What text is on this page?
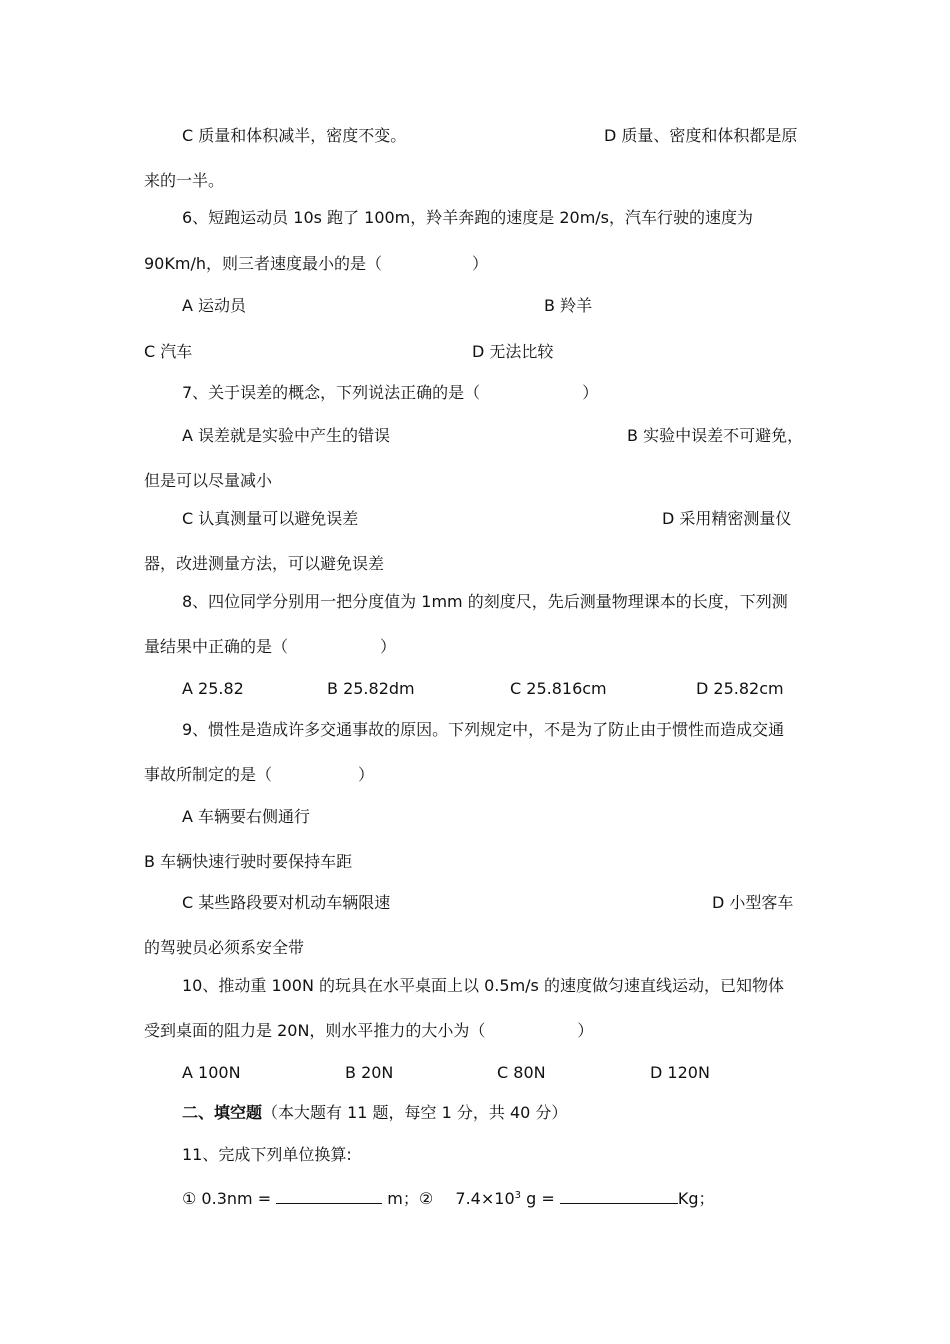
C 质量和体积减半，密度不变。	D 质量、密度和体积都是原
来的一半。
6、短跑运动员 10s 跑了 100m，羚羊奔跑的速度是 20m/s，汽车行驶的速度为
90Km/h，则三者速度最小的是（	）
A 运动员	B 羚羊
C 汽车	D 无法比较
7、关于误差的概念，下列说法正确的是（	）
A 误差就是实验中产生的错误	B 实验中误差不可避免，
但是可以尽量减小
C 认真测量可以避免误差	D 采用精密测量仪
器，改进测量方法，可以避免误差
8、四位同学分别用一把分度值为 1mm 的刻度尺，先后测量物理课本的长度，下列测
量结果中正确的是（	）
A 25.82	B 25.82dm	C 25.816cm	D 25.82cm
9、惯性是造成许多交通事故的原因。下列规定中，不是为了防止由于惯性而造成交通
事故所制定的是（	）
A 车辆要右侧通行
B 车辆快速行驶时要保持车距
C 某些路段要对机动车辆限速	D 小型客车
的驾驶员必须系安全带
10、推动重 100N 的玩具在水平桌面上以 0.5m/s 的速度做匀速直线运动，已知物体
受到桌面的阻力是 20N，则水平推力的大小为（	）
A 100N	B 20N	C 80N	D 120N
二、填空题（本大题有 11 题，每空 1 分，共 40 分）
11、完成下列单位换算:
① 0.3nm =	m；② $7.4\times 10^3$ g =	Kg；
